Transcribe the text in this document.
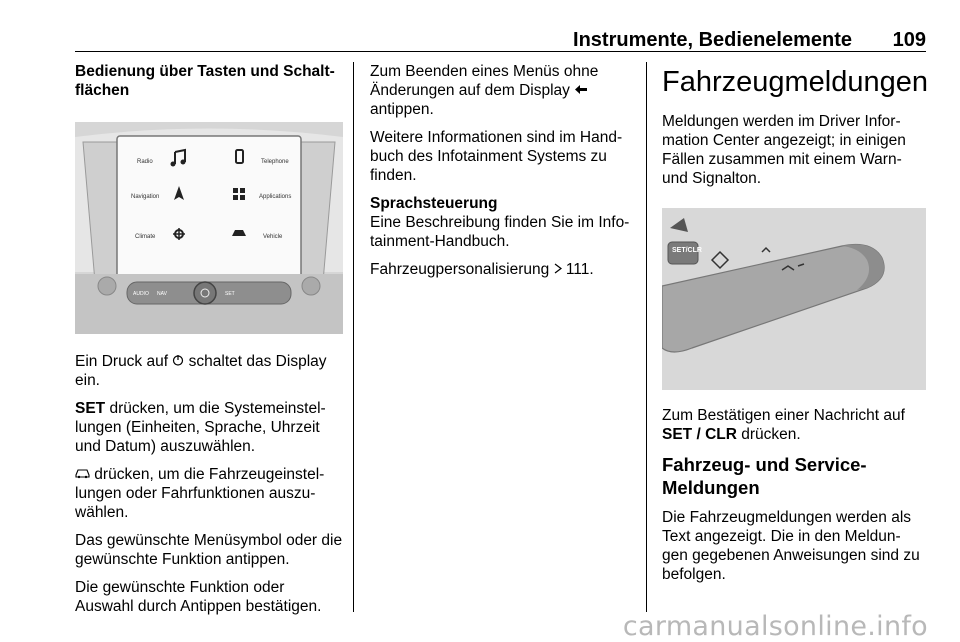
Instrumente, Bedienelemente 109
Bedienung über Tasten und Schalt-flächen
Radio	Telephone
Navigation	Applications
Climate	Vehicle
AUDIO NAV	SET

Ein Druck auf  schaltet das Display ein.

SET drücken, um die Systemeinstel-lungen (Einheiten, Sprache, Uhrzeit und Datum) auszuwählen.

drücken, um die Fahrzeugeinstel-lungen oder Fahrfunktionen auszu-wählen.

Das gewünschte Menüsymbol oder die gewünschte Funktion antippen.

Die gewünschte Funktion oder Auswahl durch Antippen bestätigen.

Zum Beenden eines Menüs ohne Änderungen auf dem Display
antippen.

Weitere Informationen sind im Hand-buch des Infotainment Systems zu finden.

Sprachsteuerung

Eine Beschreibung finden Sie im Info-tainment-Handbuch.

Fahrzeugpersonalisierung  111.

Fahrzeugmeldungen

Meldungen werden im Driver Infor-mation Center angezeigt; in einigen Fällen zusammen mit einem Warn-und Signalton.

SET/CLR

Zum Bestätigen einer Nachricht auf SET / CLR drücken.

Fahrzeug- und Service-Meldungen

Die Fahrzeugmeldungen werden als Text angezeigt. Die in den Meldun-gen gegebenen Anweisungen sind zu befolgen.

carmanualsonline.info
